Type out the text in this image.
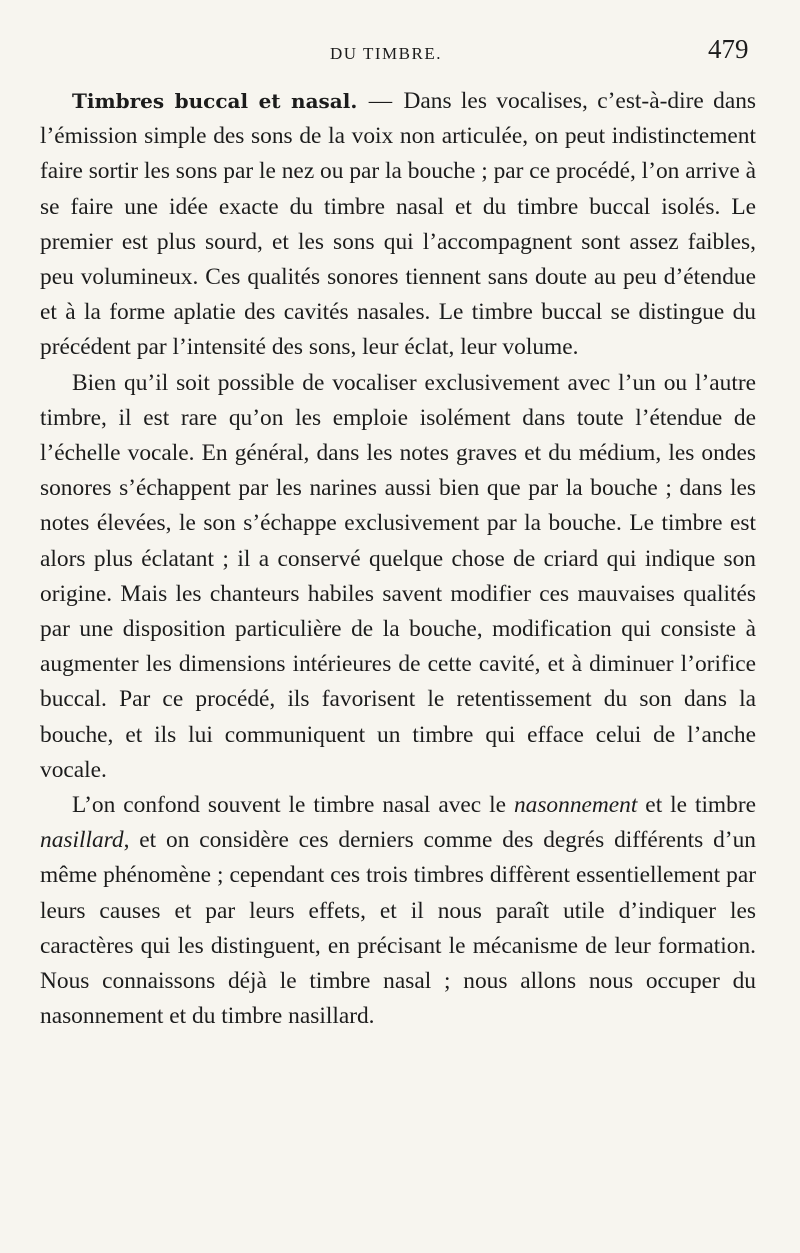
DU TIMBRE.	479

Timbres buccal et nasal. — Dans les vocalises, c’est-à-dire dans l’émission simple des sons de la voix non articulée, on peut indistinctement faire sortir les sons par le nez ou par la bouche ; par ce procédé, l’on arrive à se faire une idée exacte du timbre nasal et du timbre buccal isolés. Le premier est plus sourd, et les sons qui l’accompagnent sont assez faibles, peu volumineux. Ces qualités sonores tiennent sans doute au peu d’étendue et à la forme aplatie des cavités nasales. Le timbre buccal se distingue du précédent par l’intensité des sons, leur éclat, leur volume.

Bien qu’il soit possible de vocaliser exclusivement avec l’un ou l’autre timbre, il est rare qu’on les emploie isolément dans toute l’étendue de l’échelle vocale. En général, dans les notes graves et du médium, les ondes sonores s’échappent par les narines aussi bien que par la bouche ; dans les notes élevées, le son s’échappe exclusivement par la bouche. Le timbre est alors plus éclatant ; il a conservé quelque chose de criard qui indique son origine. Mais les chanteurs habiles savent modifier ces mauvaises qualités par une disposition particulière de la bouche, modification qui consiste à augmenter les dimensions intérieures de cette cavité, et à diminuer l’orifice buccal. Par ce procédé, ils favorisent le retentissement du son dans la bouche, et ils lui communiquent un timbre qui efface celui de l’anche vocale.

L’on confond souvent le timbre nasal avec le nasonnement et le timbre nasillard, et on considère ces derniers comme des degrés différents d’un même phénomène ; cependant ces trois timbres diffèrent essentiellement par leurs causes et par leurs effets, et il nous paraît utile d’indiquer les caractères qui les distinguent, en précisant le mécanisme de leur formation. Nous connaissons déjà le timbre nasal ; nous allons nous occuper du nasonnement et du timbre nasillard.
